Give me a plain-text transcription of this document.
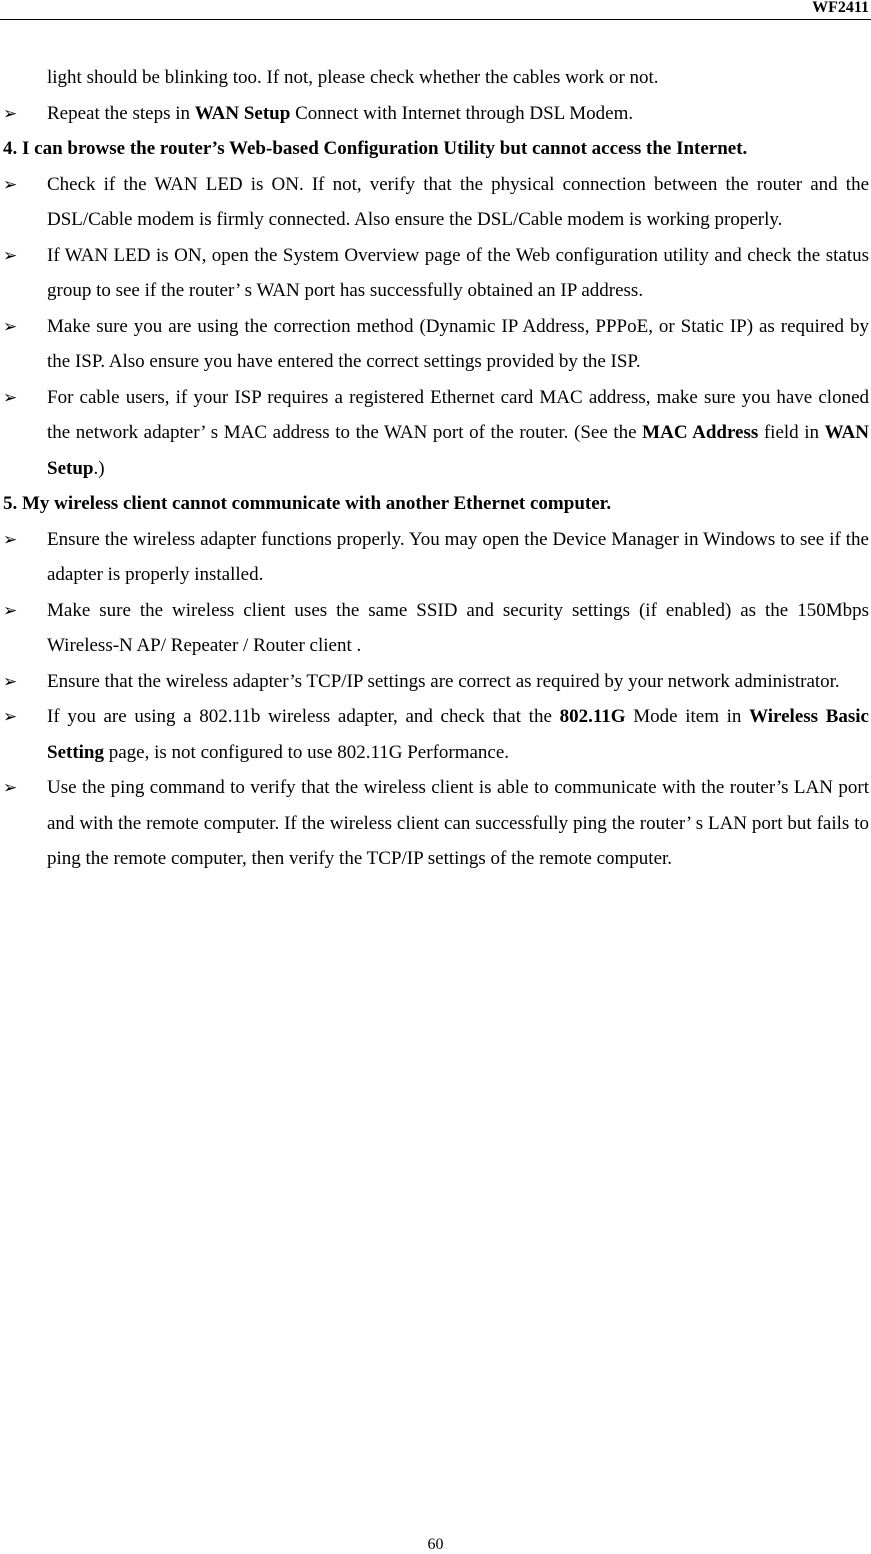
WF2411

light should be blinking too. If not, please check whether the cables work or not.

➢ Repeat the steps in WAN Setup Connect with Internet through DSL Modem.

4. I can browse the router’s Web-based Configuration Utility but cannot access the Internet.

➢ Check if the WAN LED is ON. If not, verify that the physical connection between the router and the DSL/Cable modem is firmly connected. Also ensure the DSL/Cable modem is working properly.

➢ If WAN LED is ON, open the System Overview page of the Web configuration utility and check the status group to see if the router’ s WAN port has successfully obtained an IP address.

➢ Make sure you are using the correction method (Dynamic IP Address, PPPoE, or Static IP) as required by the ISP. Also ensure you have entered the correct settings provided by the ISP.

➢ For cable users, if your ISP requires a registered Ethernet card MAC address, make sure you have cloned the network adapter’ s MAC address to the WAN port of the router. (See the MAC Address field in WAN Setup.)

5. My wireless client cannot communicate with another Ethernet computer.

➢ Ensure the wireless adapter functions properly. You may open the Device Manager in Windows to see if the adapter is properly installed.

➢ Make sure the wireless client uses the same SSID and security settings (if enabled) as the 150Mbps Wireless-N AP/ Repeater / Router client .

➢ Ensure that the wireless adapter’s TCP/IP settings are correct as required by your network administrator.

➢ If you are using a 802.11b wireless adapter, and check that the 802.11G Mode item in Wireless Basic Setting page, is not configured to use 802.11G Performance.

➢ Use the ping command to verify that the wireless client is able to communicate with the router’s LAN port and with the remote computer. If the wireless client can successfully ping the router’ s LAN port but fails to ping the remote computer, then verify the TCP/IP settings of the remote computer.

60
